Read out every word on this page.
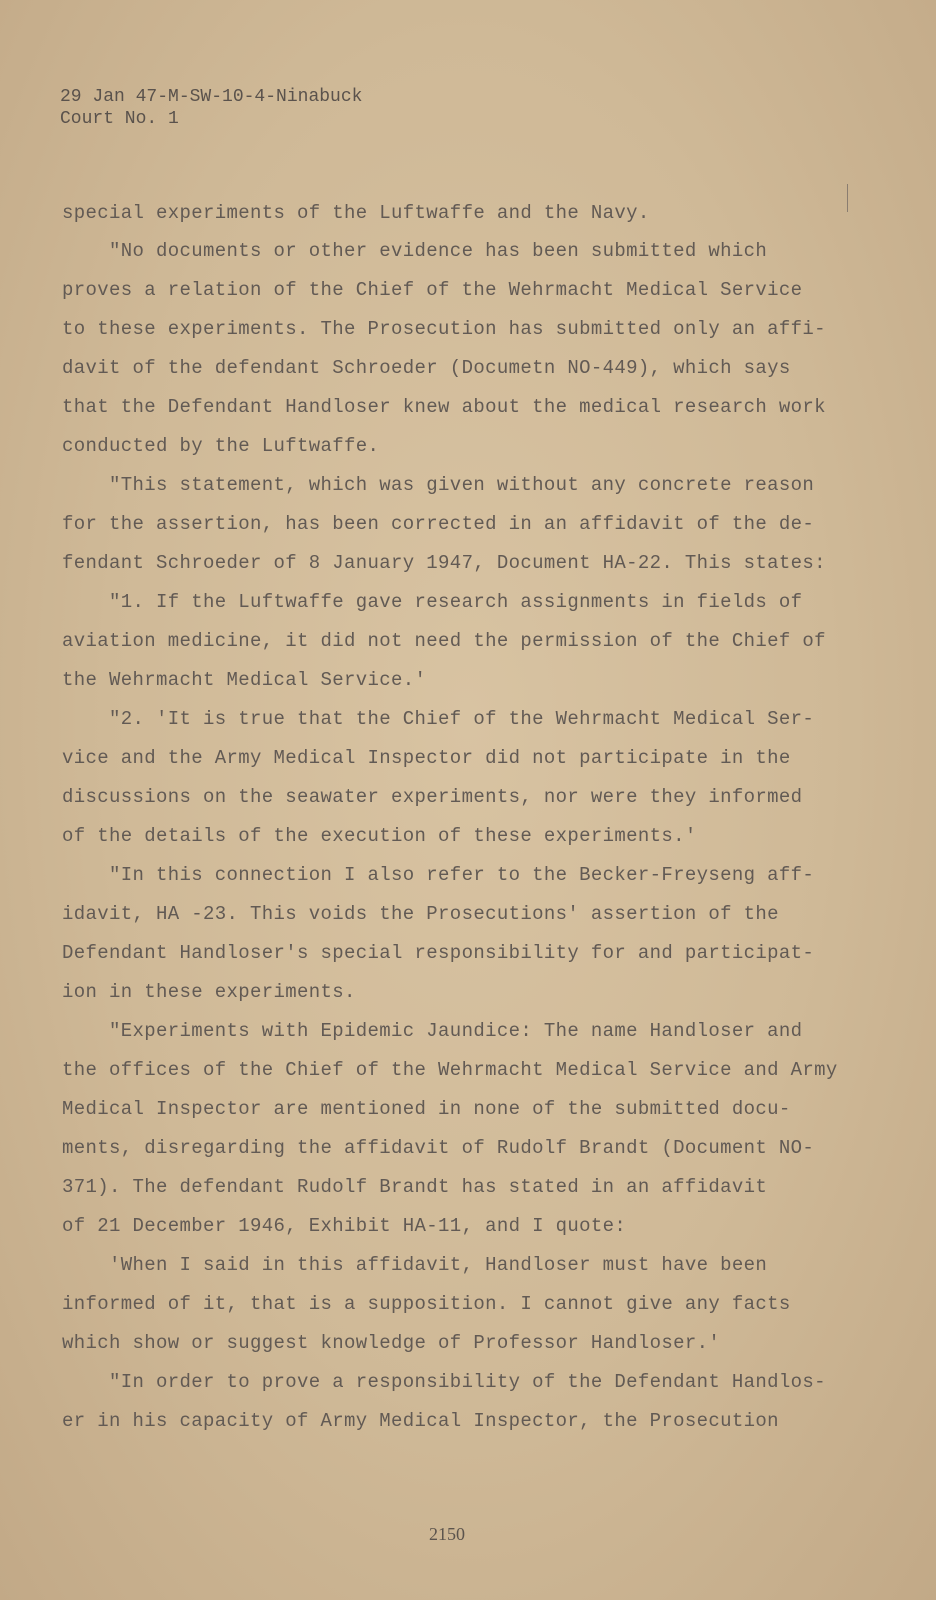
29 Jan 47-M-SW-10-4-Ninabuck
Court No. 1
special experiments of the Luftwaffe and the Navy.
"No documents or other evidence has been submitted which
proves a relation of the Chief of the Wehrmacht Medical Service
to these experiments. The Prosecution has submitted only an affi-
davit of the defendant Schroeder (Documetn NO-449), which says
that the Defendant Handloser knew about the medical research work
conducted by the Luftwaffe.
"This statement, which was given without any concrete reason
for the assertion, has been corrected in an affidavit of the de-
fendant Schroeder of 8 January 1947, Document HA-22. This states:
"1. If the Luftwaffe gave research assignments in fields of
aviation medicine, it did not need the permission of the Chief of
the Wehrmacht Medical Service.'
"2. 'It is true that the Chief of the Wehrmacht Medical Ser-
vice and the Army Medical Inspector did not participate in the
discussions on the seawater experiments, nor were they informed
of the details of the execution of these experiments.'
"In this connection I also refer to the Becker-Freyseng aff-
idavit, HA -23. This voids the Prosecutions' assertion of the
Defendant Handloser's special responsibility for and participat-
ion in these experiments.
"Experiments with Epidemic Jaundice: The name Handloser and
the offices of the Chief of the Wehrmacht Medical Service and Army
Medical Inspector are mentioned in none of the submitted docu-
ments, disregarding the affidavit of Rudolf Brandt (Document NO-
371). The defendant Rudolf Brandt has stated in an affidavit
of 21 December 1946, Exhibit HA-11, and I quote:
'When I said in this affidavit, Handloser must have been
informed of it, that is a supposition. I cannot give any facts
which show or suggest knowledge of Professor Handloser.'
"In order to prove a responsibility of the Defendant Handlos-
er in his capacity of Army Medical Inspector, the Prosecution
2150
